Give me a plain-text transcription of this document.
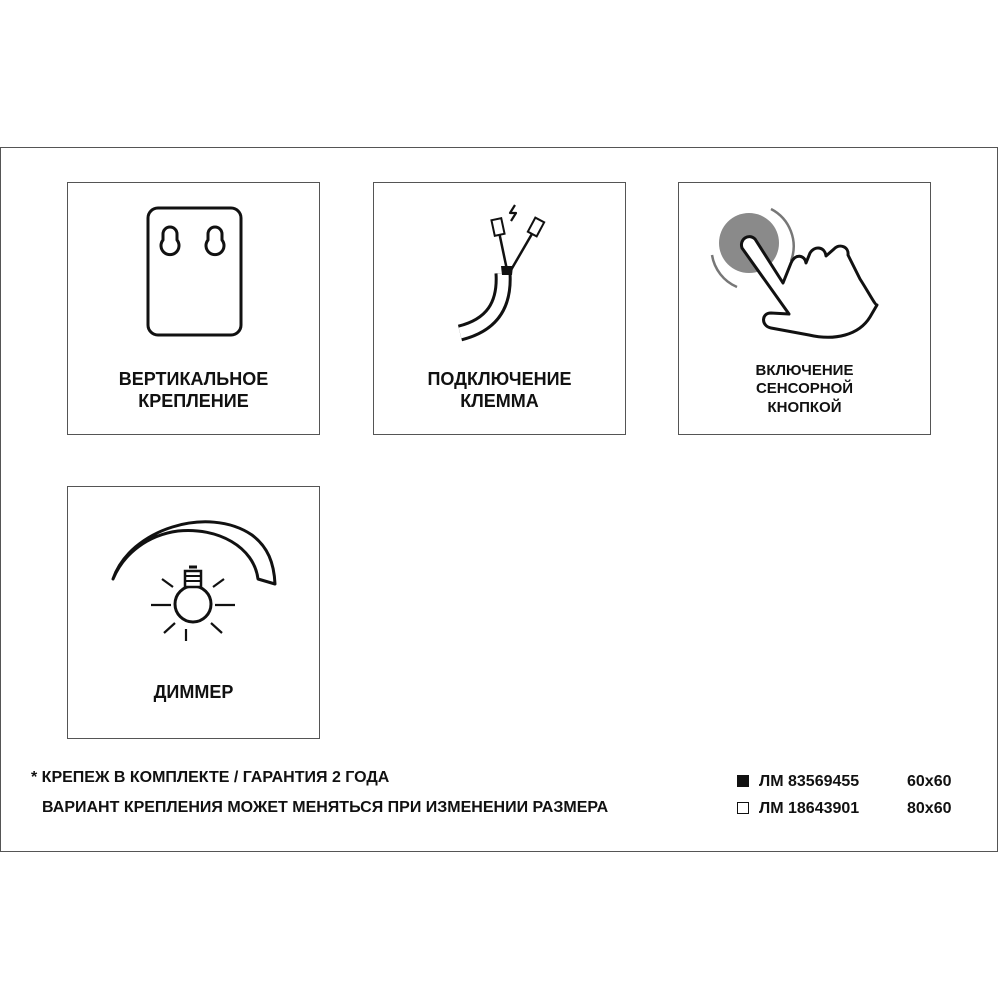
ВЕРТИКАЛЬНОЕ
КРЕПЛЕНИЕ
ПОДКЛЮЧЕНИЕ
КЛЕММА
ВКЛЮЧЕНИЕ
СЕНСОРНОЙ
КНОПКОЙ
ДИММЕР
* КРЕПЕЖ В КОМПЛЕКТЕ / ГАРАНТИЯ 2 ГОДА
ВАРИАНТ КРЕПЛЕНИЯ МОЖЕТ МЕНЯТЬСЯ ПРИ ИЗМЕНЕНИИ РАЗМЕРА
ЛМ 83569455	60х60
ЛМ 18643901	80х60
